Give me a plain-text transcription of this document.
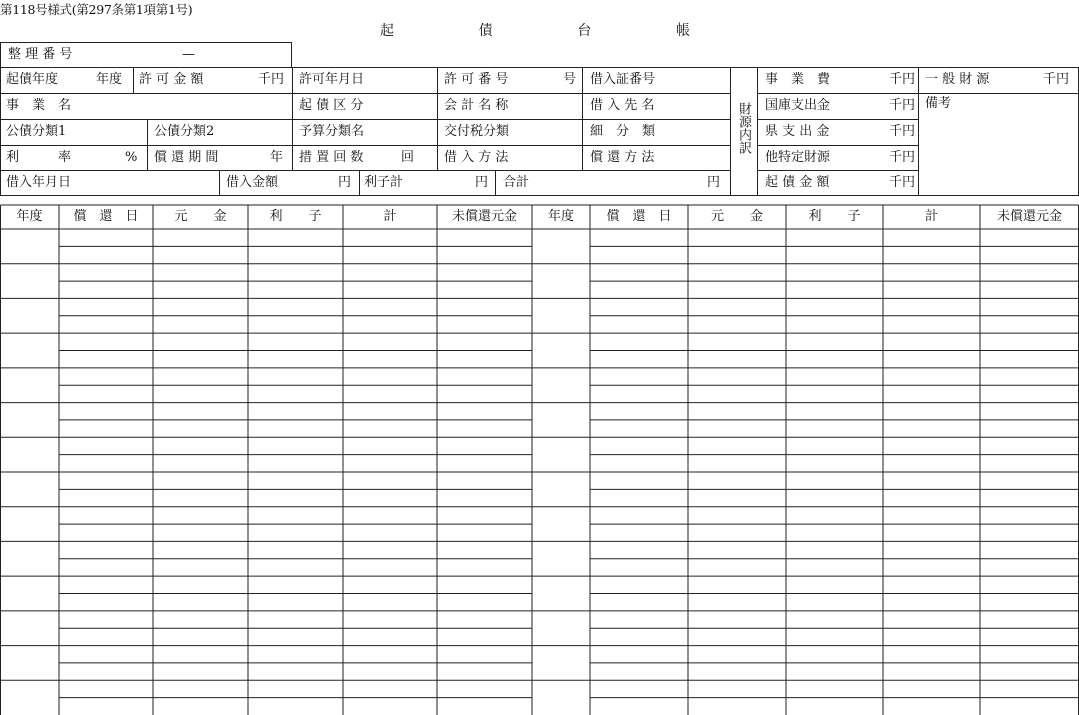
第118号様式(第297条第1項第1号)
起	債	台	帳
整 理 番 号	—
起債年度	年度 許 可 金 額	千円 許可年月日	許 可 番 号	号 借入証番号
事　業　名	起 債 区 分	会 計 名 称	借 入 先 名
公債分類1	公債分類2	予算分類名	交付税分類	細　分　類
利　　　率	% 償 還 期 間	年 措 置 回 数	回 借 入 方 法	償 還 方 法
借入年月日	借入金額	円 利子計	円 合計	円
財源内訳
事　業　費	千円
国庫支出金	千円
県 支 出 金	千円
他特定財源	千円
起 債 金 額	千円
一 般 財 源	千円
備考
年度	償　還　日	元　　金	利　　子	計	未償還元金	年度	償　還　日	元　　金	利　　子	計	未償還元金
